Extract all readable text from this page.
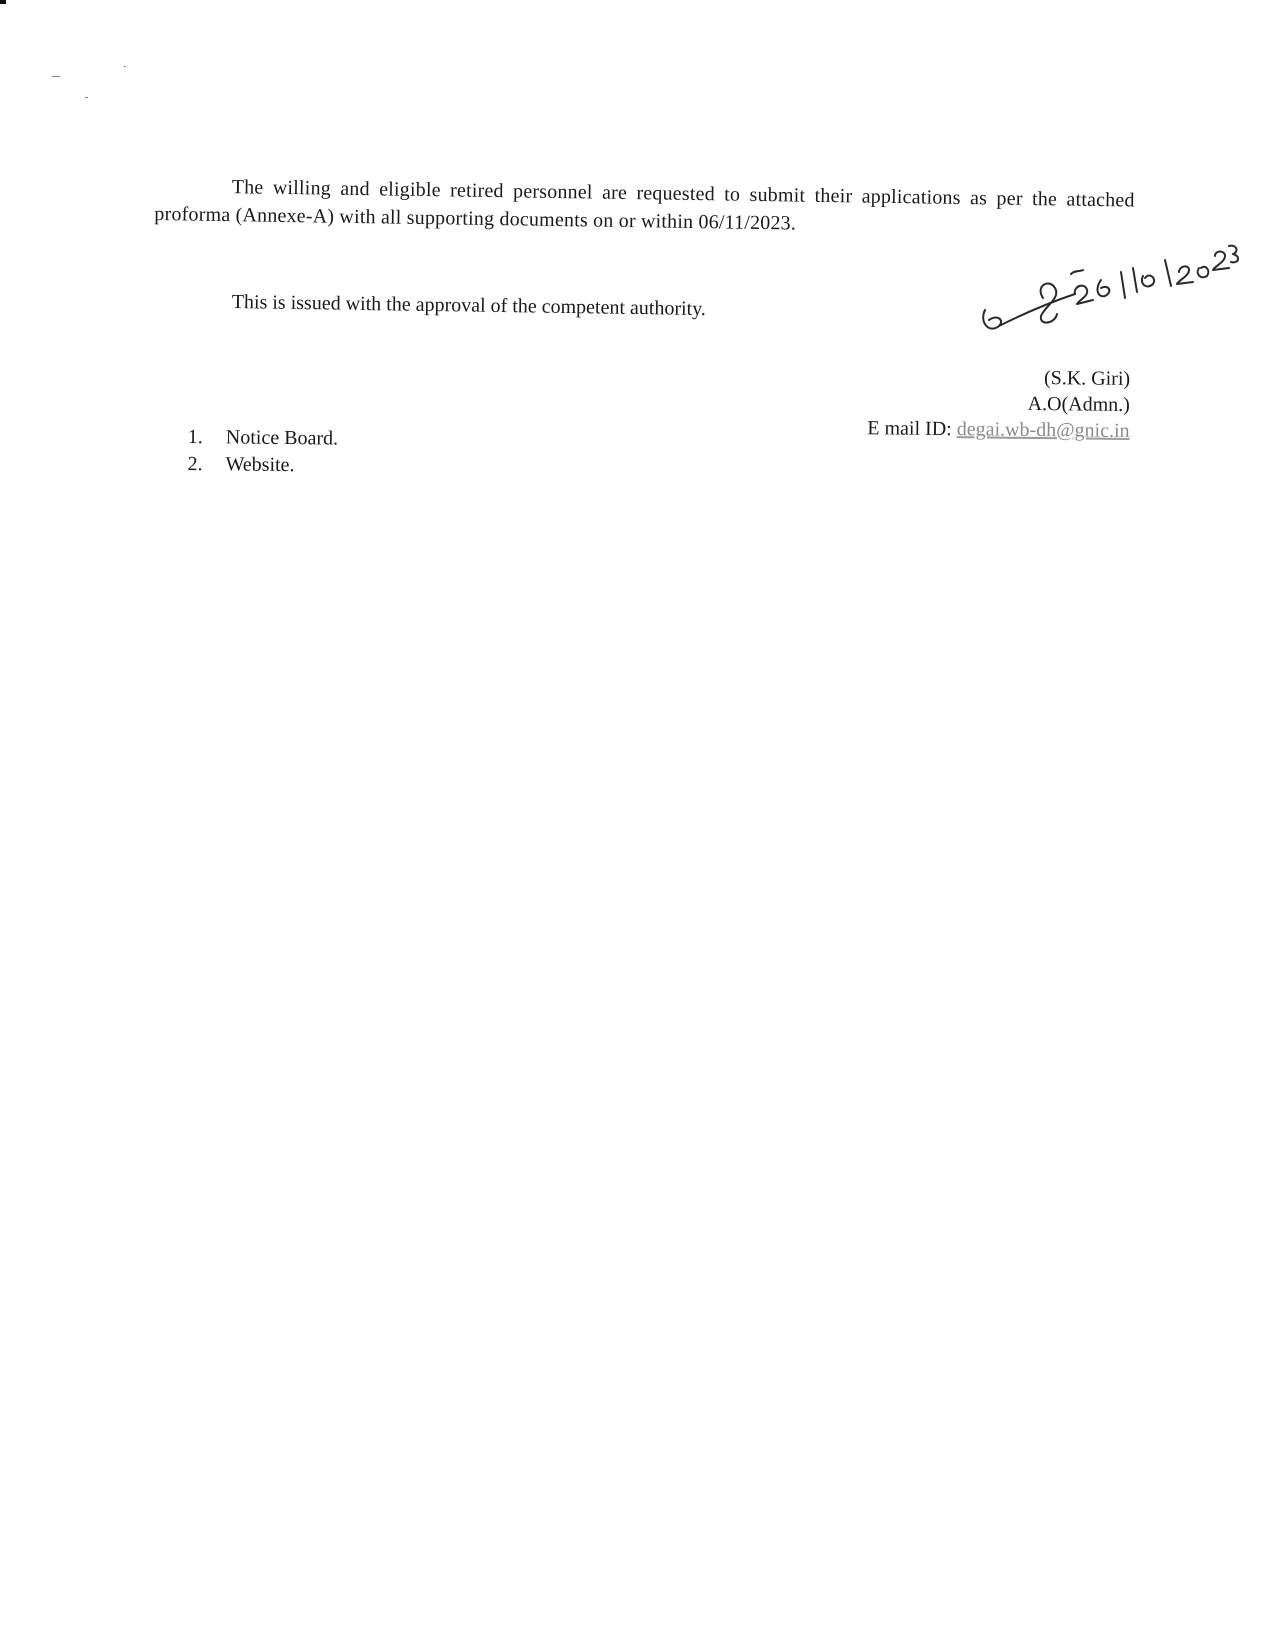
The willing and eligible retired personnel are requested to submit their applications as per the attached proforma (Annexe-A) with all supporting documents on or within 06/11/2023.

This is issued with the approval of the competent authority.

(S.K. Giri)
A.O(Admn.)
E mail ID: degai.wb-dh@gnic.in
1. Notice Board.
2. Website.
